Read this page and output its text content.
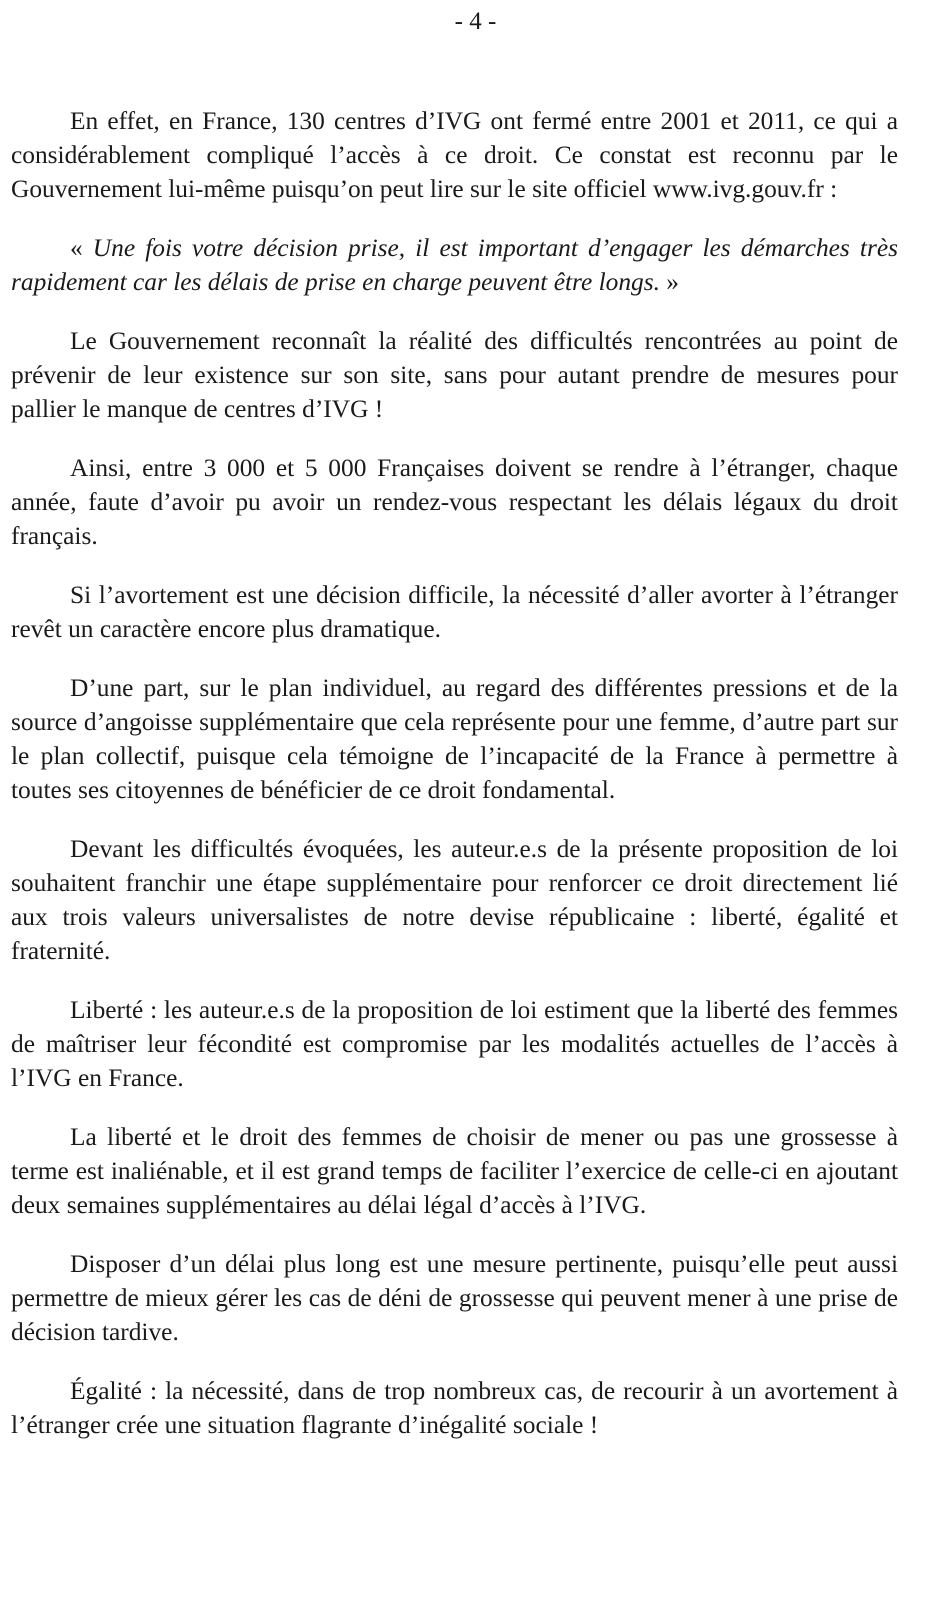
- 4 -

En effet, en France, 130 centres d’IVG ont fermé entre 2001 et 2011, ce qui a considérablement compliqué l’accès à ce droit. Ce constat est reconnu par le Gouvernement lui-même puisqu’on peut lire sur le site officiel www.ivg.gouv.fr :

« Une fois votre décision prise, il est important d’engager les démarches très rapidement car les délais de prise en charge peuvent être longs. »

Le Gouvernement reconnaît la réalité des difficultés rencontrées au point de prévenir de leur existence sur son site, sans pour autant prendre de mesures pour pallier le manque de centres d’IVG !

Ainsi, entre 3 000 et 5 000 Françaises doivent se rendre à l’étranger, chaque année, faute d’avoir pu avoir un rendez-vous respectant les délais légaux du droit français.

Si l’avortement est une décision difficile, la nécessité d’aller avorter à l’étranger revêt un caractère encore plus dramatique.

D’une part, sur le plan individuel, au regard des différentes pressions et de la source d’angoisse supplémentaire que cela représente pour une femme, d’autre part sur le plan collectif, puisque cela témoigne de l’incapacité de la France à permettre à toutes ses citoyennes de bénéficier de ce droit fondamental.

Devant les difficultés évoquées, les auteur.e.s de la présente proposition de loi souhaitent franchir une étape supplémentaire pour renforcer ce droit directement lié aux trois valeurs universalistes de notre devise républicaine : liberté, égalité et fraternité.

Liberté : les auteur.e.s de la proposition de loi estiment que la liberté des femmes de maîtriser leur fécondité est compromise par les modalités actuelles de l’accès à l’IVG en France.

La liberté et le droit des femmes de choisir de mener ou pas une grossesse à terme est inaliénable, et il est grand temps de faciliter l’exercice de celle-ci en ajoutant deux semaines supplémentaires au délai légal d’accès à l’IVG.

Disposer d’un délai plus long est une mesure pertinente, puisqu’elle peut aussi permettre de mieux gérer les cas de déni de grossesse qui peuvent mener à une prise de décision tardive.

Égalité : la nécessité, dans de trop nombreux cas, de recourir à un avortement à l’étranger crée une situation flagrante d’inégalité sociale !
